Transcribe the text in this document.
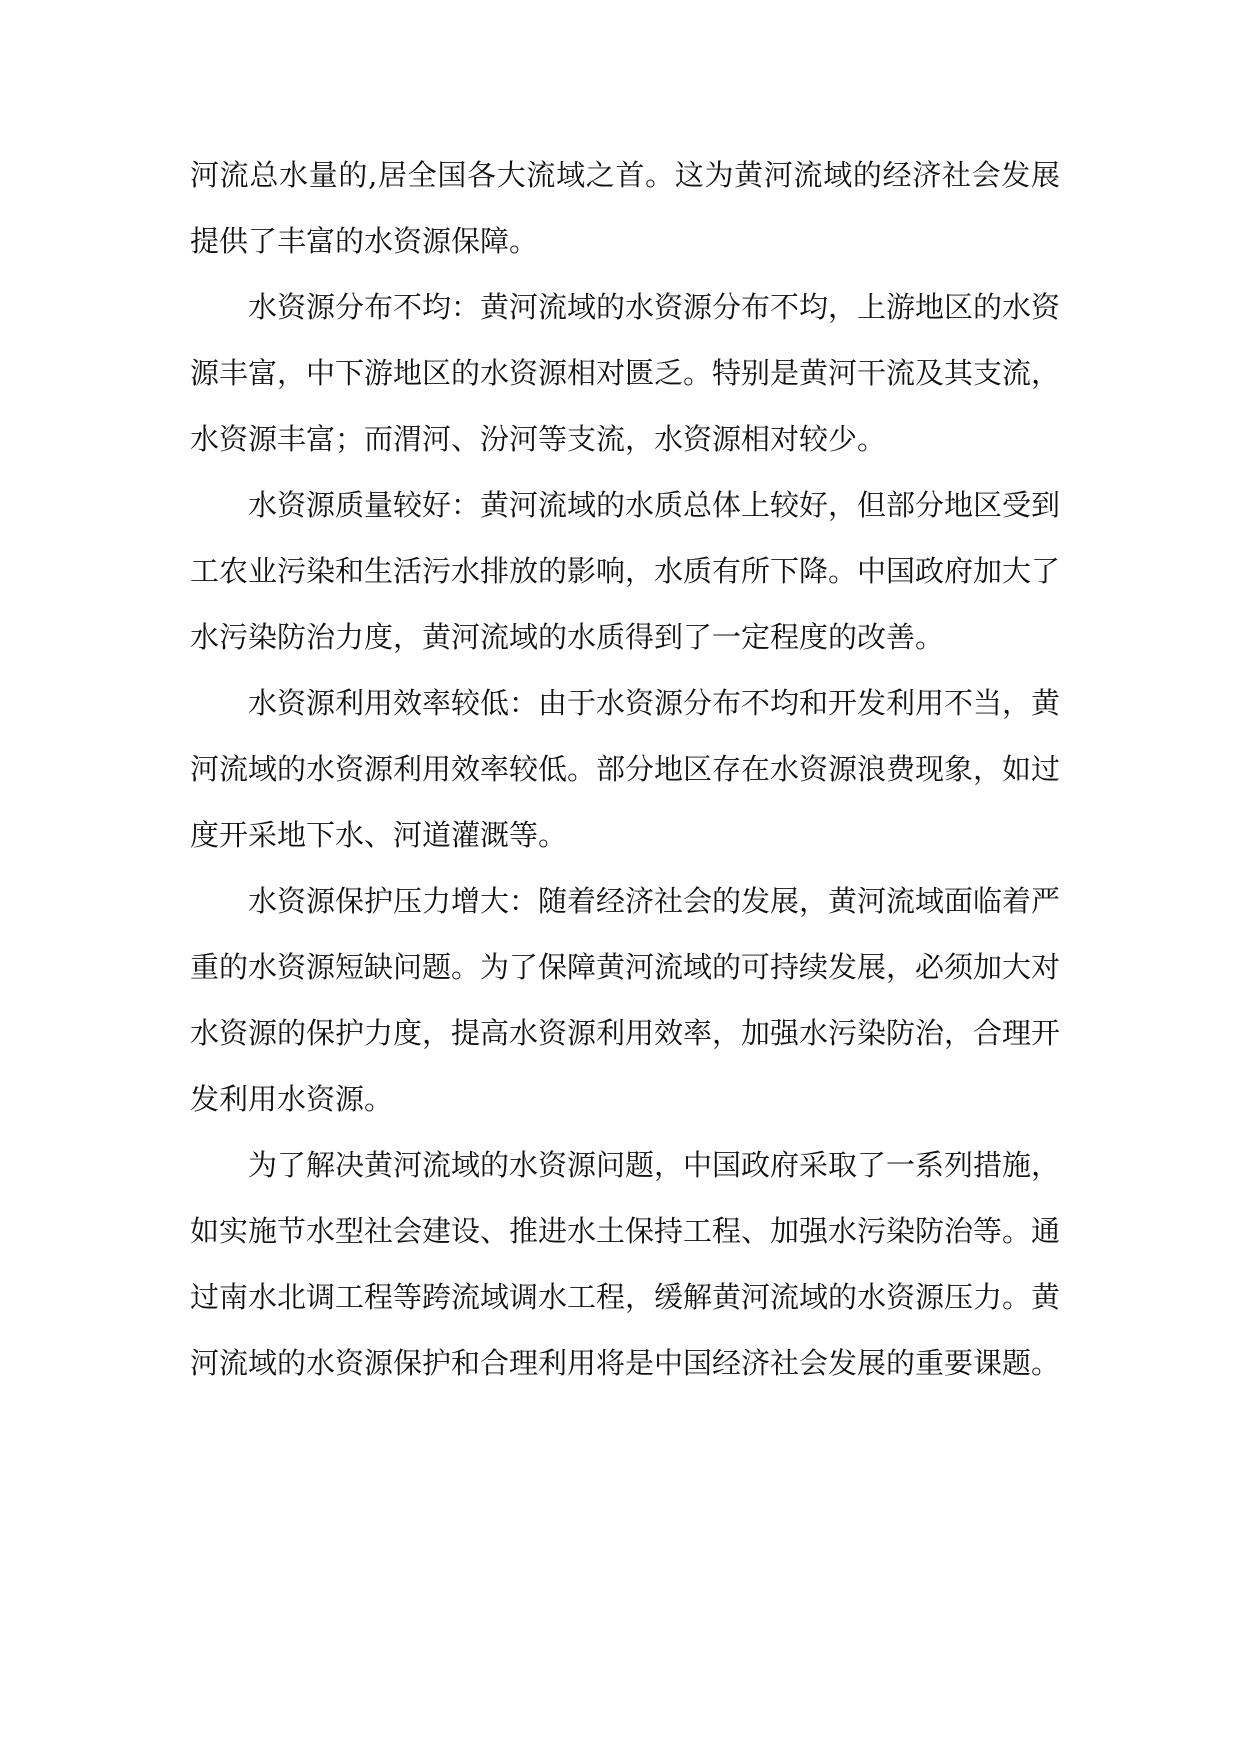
河流总水量的,居全国各大流域之首。这为黄河流域的经济社会发展提供了丰富的水资源保障。

水资源分布不均：黄河流域的水资源分布不均，上游地区的水资源丰富，中下游地区的水资源相对匮乏。特别是黄河干流及其支流，水资源丰富；而渭河、汾河等支流，水资源相对较少。

水资源质量较好：黄河流域的水质总体上较好，但部分地区受到工农业污染和生活污水排放的影响，水质有所下降。中国政府加大了水污染防治力度，黄河流域的水质得到了一定程度的改善。

水资源利用效率较低：由于水资源分布不均和开发利用不当，黄河流域的水资源利用效率较低。部分地区存在水资源浪费现象，如过度开采地下水、河道灌溉等。

水资源保护压力增大：随着经济社会的发展，黄河流域面临着严重的水资源短缺问题。为了保障黄河流域的可持续发展，必须加大对水资源的保护力度，提高水资源利用效率，加强水污染防治，合理开发利用水资源。

为了解决黄河流域的水资源问题，中国政府采取了一系列措施，如实施节水型社会建设、推进水土保持工程、加强水污染防治等。通过南水北调工程等跨流域调水工程，缓解黄河流域的水资源压力。黄河流域的水资源保护和合理利用将是中国经济社会发展的重要课题。
